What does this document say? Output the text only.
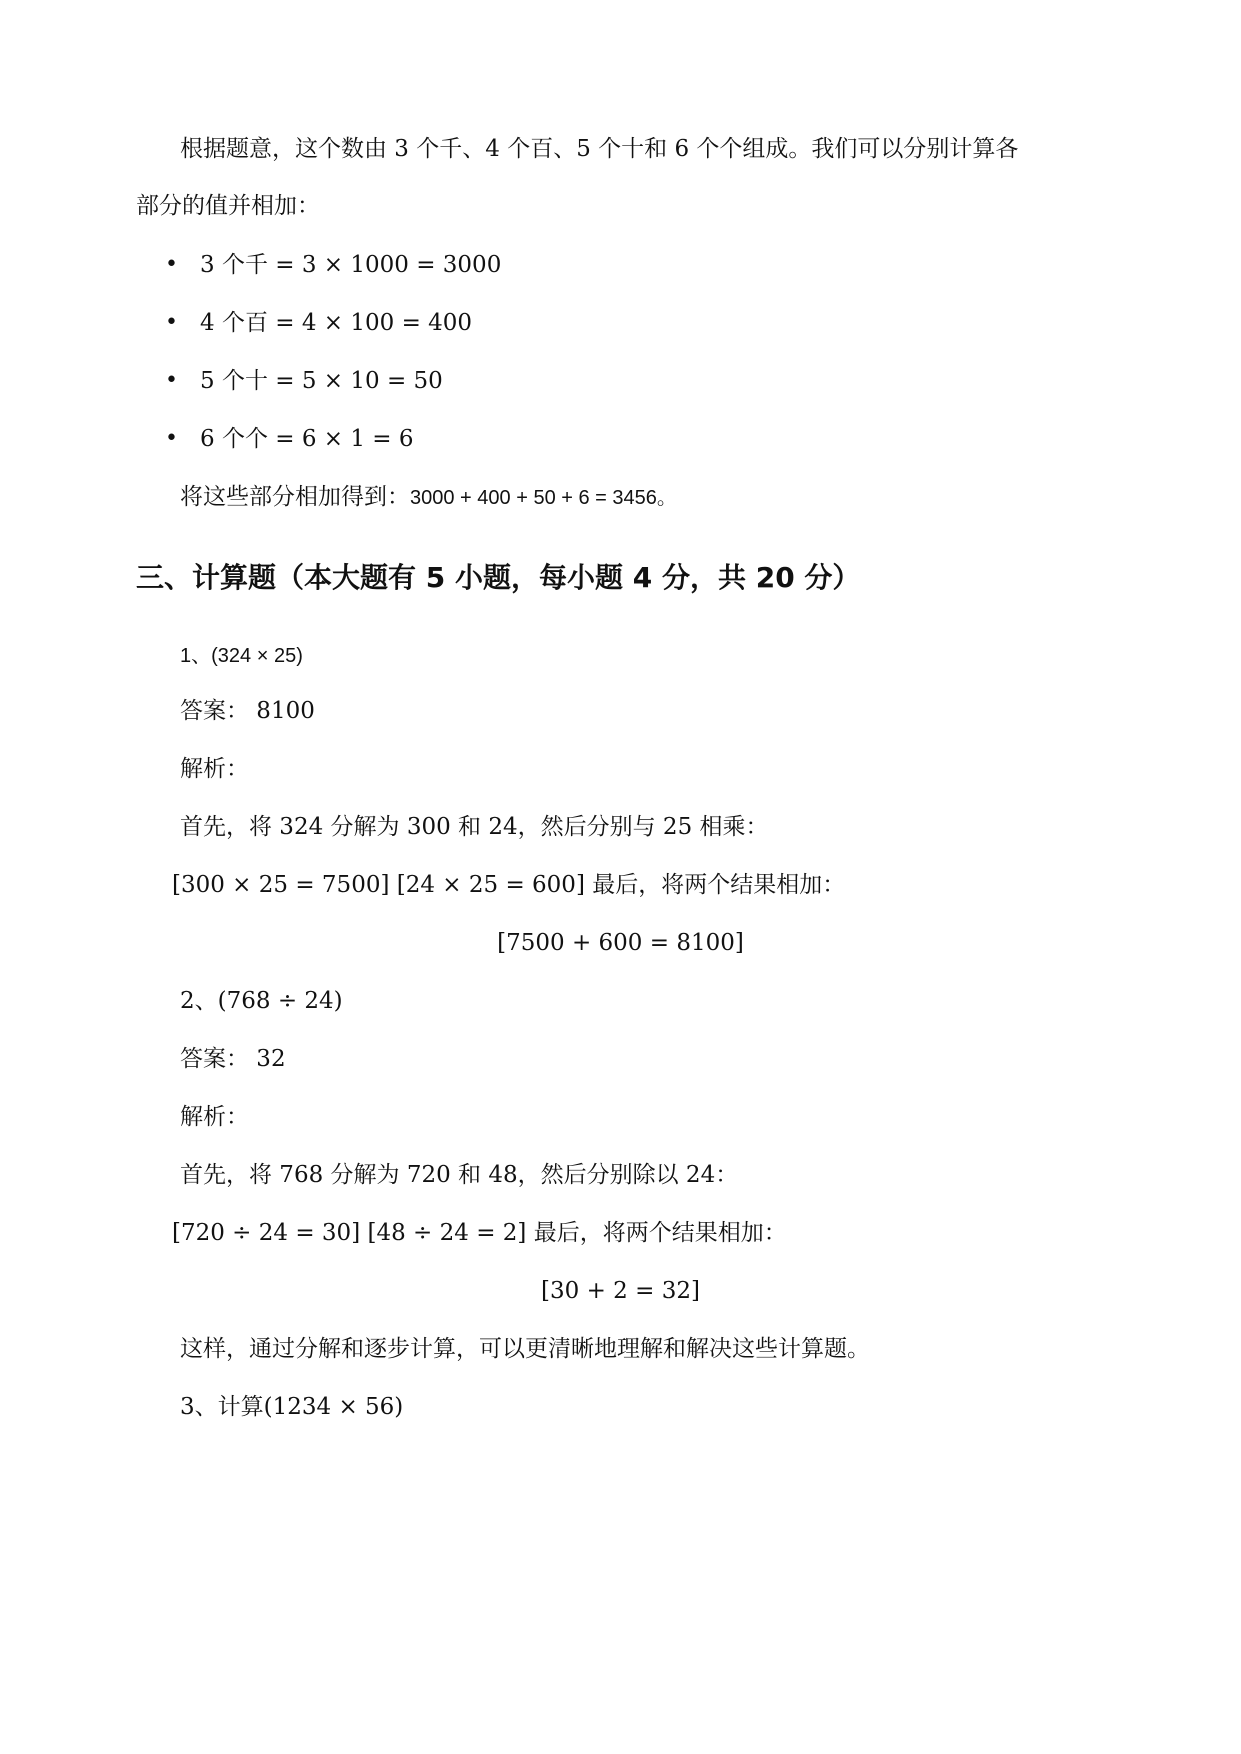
根据题意，这个数由 3 个千、4 个百、5 个十和 6 个个组成。我们可以分别计算各
部分的值并相加：
• 3 个千 = 3 × 1000 = 3000
• 4 个百 = 4 × 100 = 400
• 5 个十 = 5 × 10 = 50
• 6 个个 = 6 × 1 = 6
将这些部分相加得到：3000 + 400 + 50 + 6 = 3456。
三、计算题（本大题有 5 小题，每小题 4 分，共 20 分）
1、(324 × 25)
答案： 8100
解析：
首先，将 324 分解为 300 和 24，然后分别与 25 相乘：
[300 × 25 = 7500] [24 × 25 = 600] 最后，将两个结果相加：
[7500 + 600 = 8100]
2、(768 ÷ 24)
答案： 32
解析：
首先，将 768 分解为 720 和 48，然后分别除以 24：
[720 ÷ 24 = 30] [48 ÷ 24 = 2] 最后，将两个结果相加：
[30 + 2 = 32]
这样，通过分解和逐步计算，可以更清晰地理解和解决这些计算题。
3、计算(1234 × 56)
